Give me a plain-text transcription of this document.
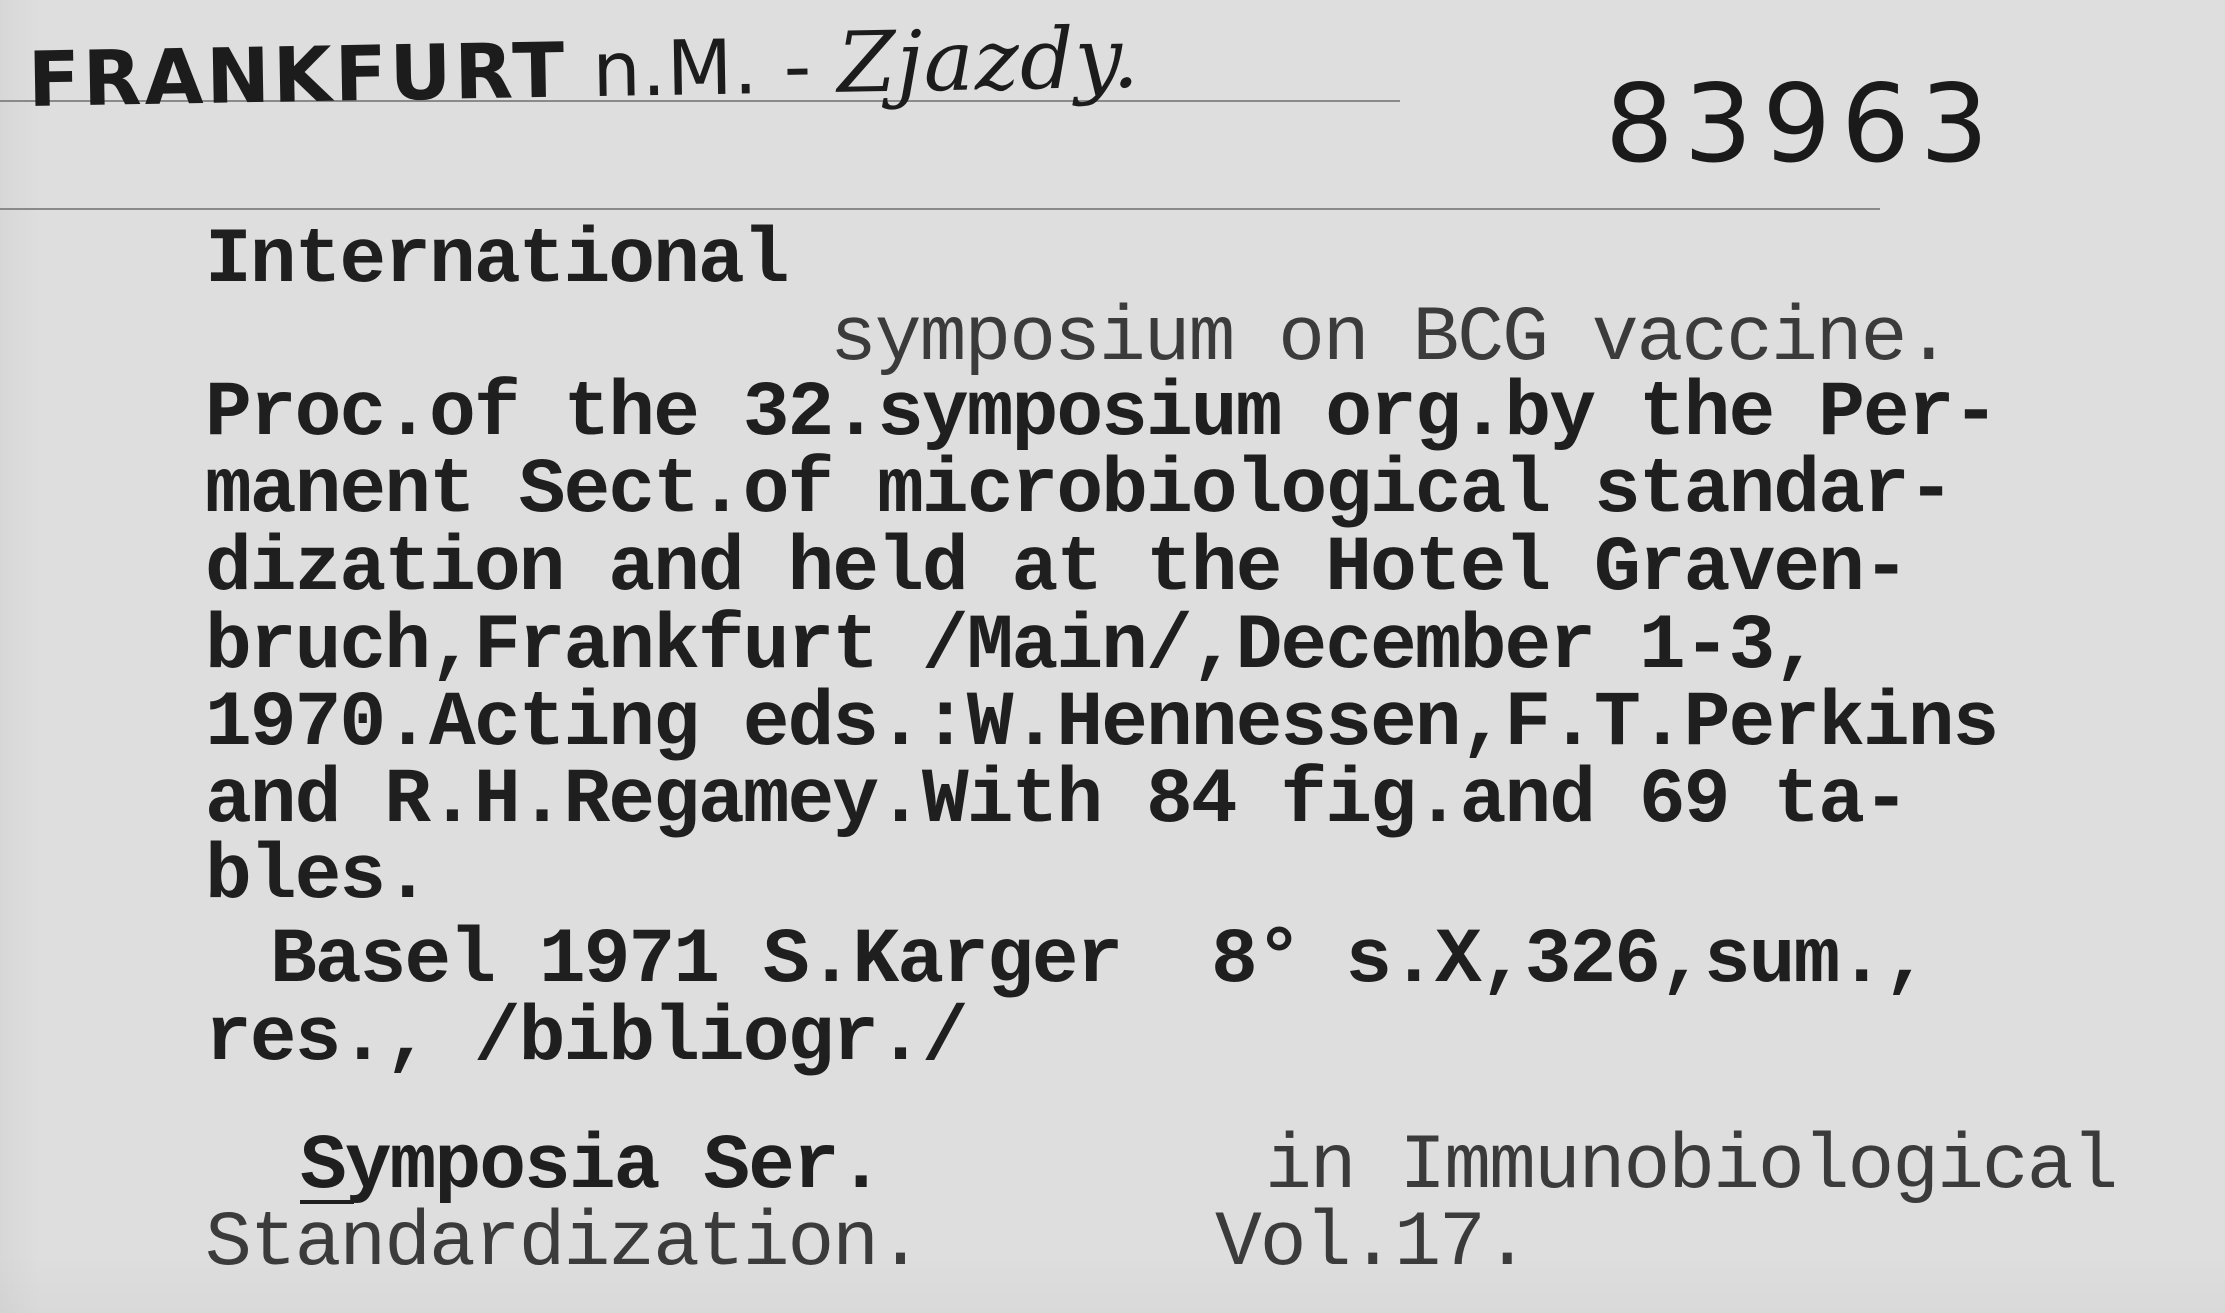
FRANKFURT n.M. - Zjazdy.
83963
International
symposium on BCG vaccine.
Proc.of the 32.symposium org.by the Per-
manent Sect.of microbiological standar-
dization and held at the Hotel Graven-
bruch,Frankfurt /Main/,December 1-3,
1970.Acting eds.:W.Hennessen,F.T.Perkins
and R.H.Regamey.With 84 fig.and 69 ta-
bles.
Basel 1971 S.Karger  8° s.X,326,sum.,
res., /bibliogr./
Symposia Ser.
Standardization.
in Immunobiological
Vol.17.
